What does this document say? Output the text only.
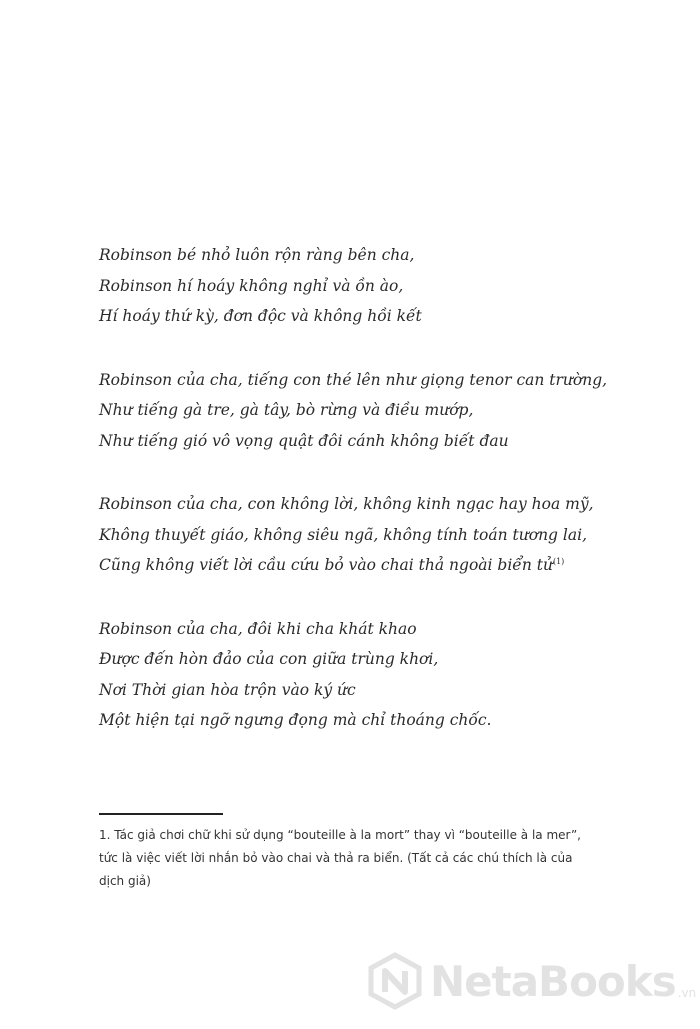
Robinson bé nhỏ luôn rộn ràng bên cha,
Robinson hí hoáy không nghỉ và ồn ào,
Hí hoáy thứ kỳ, đơn độc và không hồi kết
Robinson của cha, tiếng con thé lên như giọng tenor can trường,
Như tiếng gà tre, gà tây, bò rừng và điều mướp,
Như tiếng gió vô vọng quật đôi cánh không biết đau
Robinson của cha, con không lời, không kinh ngạc hay hoa mỹ,
Không thuyết giáo, không siêu ngã, không tính toán tương lai,
Cũng không viết lời cầu cứu bỏ vào chai thả ngoài biển tử$^{(1)}$
Robinson của cha, đôi khi cha khát khao
Được đến hòn đảo của con giữa trùng khơi,
Nơi Thời gian hòa trộn vào ký ức
Một hiện tại ngỡ ngưng đọng mà chỉ thoáng chốc.
1. Tác giả chơi chữ khi sử dụng “bouteille à la mort” thay vì “bouteille à la mer”,
tức là việc viết lời nhắn bỏ vào chai và thả ra biển. (Tất cả các chú thích là của
dịch giả)
NetaBooks .vn
